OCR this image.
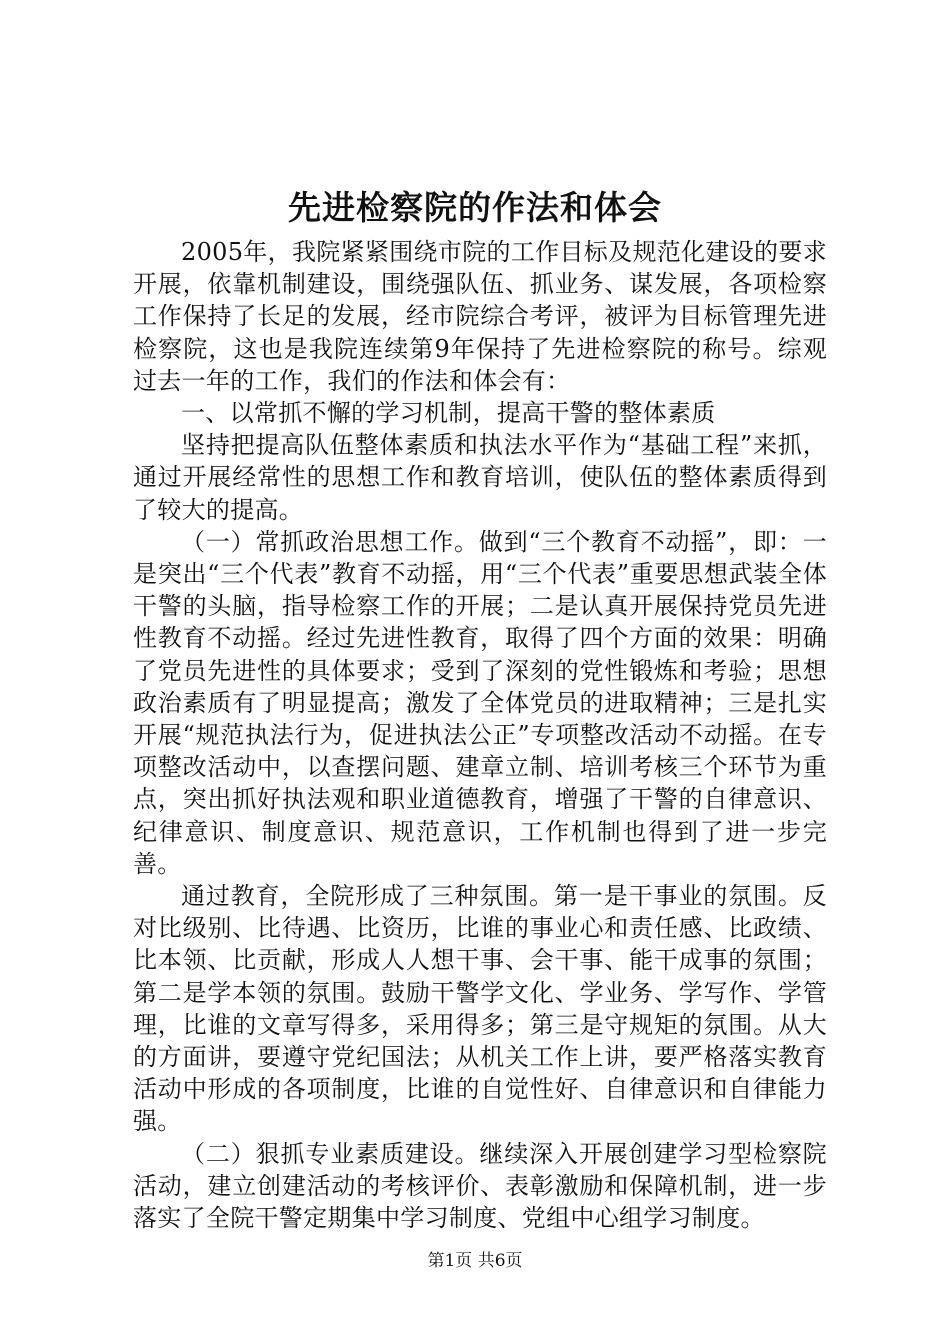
先进检察院的作法和体会

2005年，我院紧紧围绕市院的工作目标及规范化建设的要求开展，依靠机制建设，围绕强队伍、抓业务、谋发展，各项检察工作保持了长足的发展，经市院综合考评，被评为目标管理先进检察院，这也是我院连续第9年保持了先进检察院的称号。综观过去一年的工作，我们的作法和体会有：

一、以常抓不懈的学习机制，提高干警的整体素质

坚持把提高队伍整体素质和执法水平作为“基础工程”来抓，通过开展经常性的思想工作和教育培训，使队伍的整体素质得到了较大的提高。

（一）常抓政治思想工作。做到“三个教育不动摇”，即：一是突出“三个代表”教育不动摇，用“三个代表”重要思想武装全体干警的头脑，指导检察工作的开展；二是认真开展保持党员先进性教育不动摇。经过先进性教育，取得了四个方面的效果：明确了党员先进性的具体要求；受到了深刻的党性锻炼和考验；思想政治素质有了明显提高；激发了全体党员的进取精神；三是扎实开展“规范执法行为，促进执法公正”专项整改活动不动摇。在专项整改活动中，以查摆问题、建章立制、培训考核三个环节为重点，突出抓好执法观和职业道德教育，增强了干警的自律意识、纪律意识、制度意识、规范意识，工作机制也得到了进一步完善。

通过教育，全院形成了三种氛围。第一是干事业的氛围。反对比级别、比待遇、比资历，比谁的事业心和责任感、比政绩、比本领、比贡献，形成人人想干事、会干事、能干成事的氛围；第二是学本领的氛围。鼓励干警学文化、学业务、学写作、学管理，比谁的文章写得多，采用得多；第三是守规矩的氛围。从大的方面讲，要遵守党纪国法；从机关工作上讲，要严格落实教育活动中形成的各项制度，比谁的自觉性好、自律意识和自律能力强。

（二）狠抓专业素质建设。继续深入开展创建学习型检察院活动，建立创建活动的考核评价、表彰激励和保障机制，进一步落实了全院干警定期集中学习制度、党组中心组学习制度。

第1页 共6页
